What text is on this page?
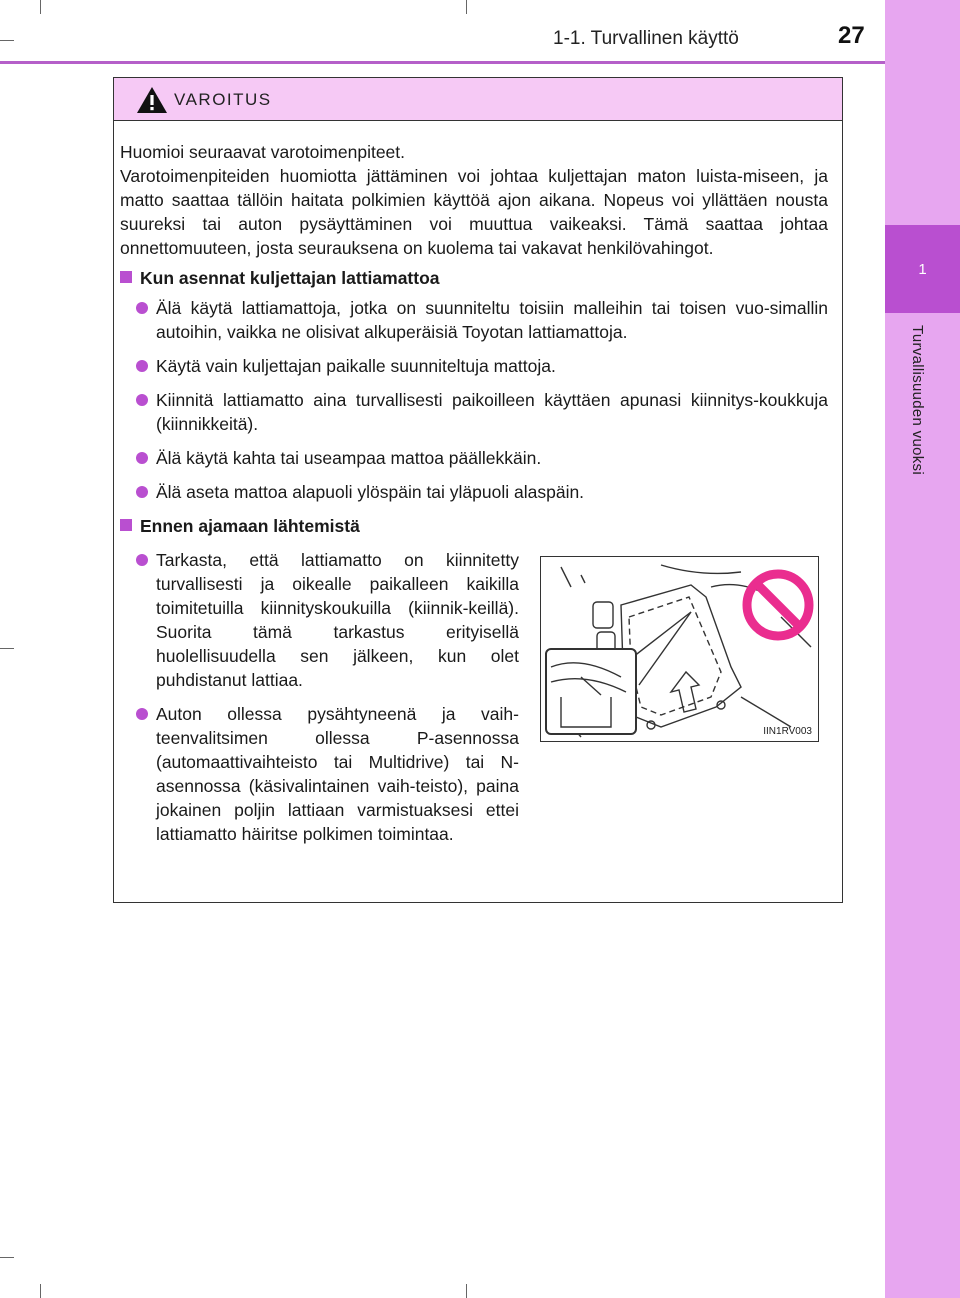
1
Turvallisuuden vuoksi
1-1. Turvallinen käyttö	27
VAROITUS

Huomioi seuraavat varotoimenpiteet.
Varotoimenpiteiden huomiotta jättäminen voi johtaa kuljettajan maton luista-miseen, ja matto saattaa tällöin haitata polkimien käyttöä ajon aikana. Nopeus voi yllättäen nousta suureksi tai auton pysäyttäminen voi muuttua vaikeaksi. Tämä saattaa johtaa onnettomuuteen, josta seurauksena on kuolema tai vakavat henkilövahingot.

Kun asennat kuljettajan lattiamattoa
Älä käytä lattiamattoja, jotka on suunniteltu toisiin malleihin tai toisen vuo-simallin autoihin, vaikka ne olisivat alkuperäisiä Toyotan lattiamattoja.
Käytä vain kuljettajan paikalle suunniteltuja mattoja.
Kiinnitä lattiamatto aina turvallisesti paikoilleen käyttäen apunasi kiinnitys-koukkuja (kiinnikkeitä).
Älä käytä kahta tai useampaa mattoa päällekkäin.
Älä aseta mattoa alapuoli ylöspäin tai yläpuoli alaspäin.
Ennen ajamaan lähtemistä
Tarkasta, että lattiamatto on kiinnitetty turvallisesti ja oikealle paikalleen kaikilla toimitetuilla kiinnityskoukuilla (kiinnik-keillä). Suorita tämä tarkastus erityisellä huolellisuudella sen jälkeen, kun olet puhdistanut lattiaa.
Auton ollessa pysähtyneenä ja vaih-teenvalitsimen ollessa P-asennossa (automaattivaihteisto tai Multidrive) tai N-asennossa (käsivalintainen vaih-teisto), paina jokainen poljin lattiaan varmistuaksesi ettei lattiamatto häiritse polkimen toimintaa.
IIN1RV003
